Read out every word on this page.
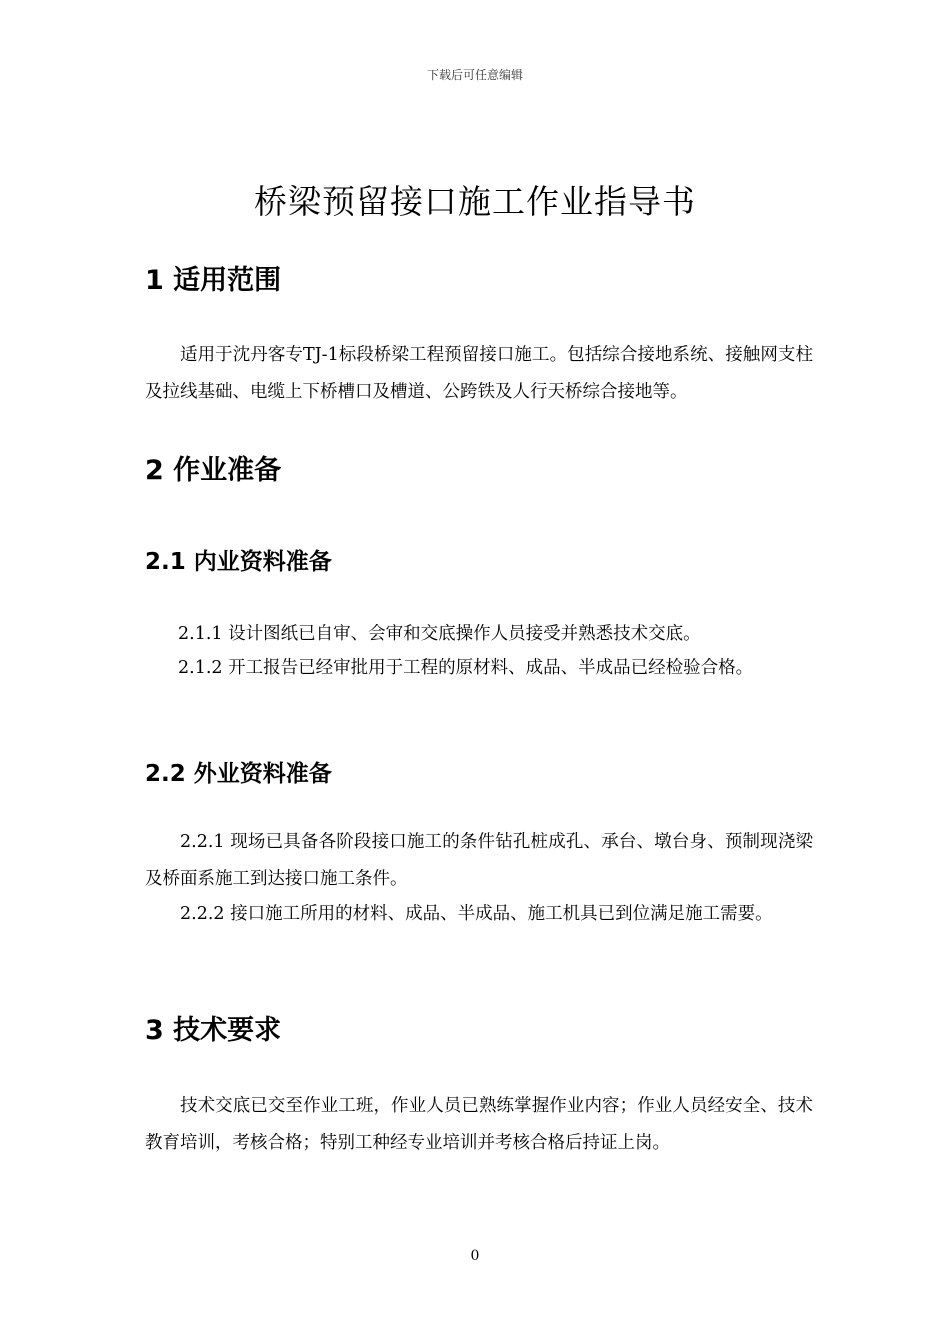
下载后可任意编辑
桥梁预留接口施工作业指导书
1 适用范围
适用于沈丹客专TJ-1标段桥梁工程预留接口施工。包括综合接地系统、接触网支柱及拉线基础、电缆上下桥槽口及槽道、公跨铁及人行天桥综合接地等。
2 作业准备
2.1 内业资料准备
2.1.1 设计图纸已自审、会审和交底操作人员接受并熟悉技术交底。
2.1.2 开工报告已经审批用于工程的原材料、成品、半成品已经检验合格。
2.2 外业资料准备
2.2.1 现场已具备各阶段接口施工的条件钻孔桩成孔、承台、墩台身、预制现浇梁及桥面系施工到达接口施工条件。
2.2.2 接口施工所用的材料、成品、半成品、施工机具已到位满足施工需要。
3 技术要求
技术交底已交至作业工班，作业人员已熟练掌握作业内容；作业人员经安全、技术教育培训，考核合格；特别工种经专业培训并考核合格后持证上岗。
0
